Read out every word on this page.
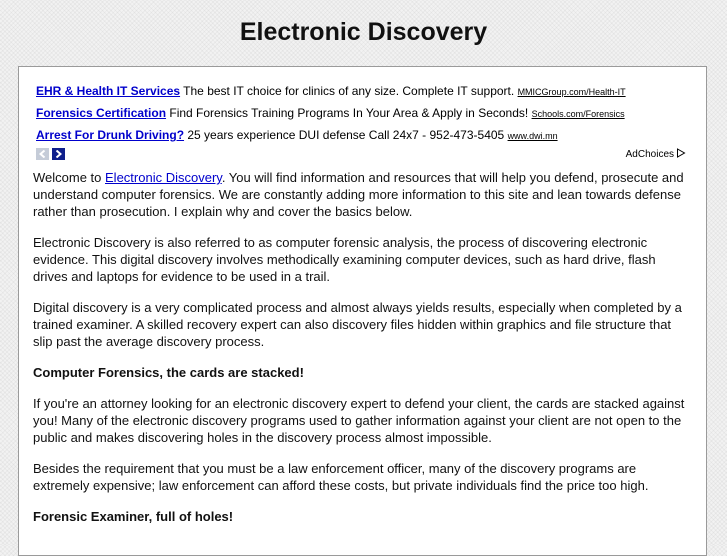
Electronic Discovery
EHR & Health IT Services The best IT choice for clinics of any size. Complete IT support. MMICGroup.com/Health-IT
Forensics Certification Find Forensics Training Programs In Your Area & Apply in Seconds! Schools.com/Forensics
Arrest For Drunk Driving? 25 years experience DUI defense Call 24x7 - 952-473-5405 www.dwi.mn
AdChoices

Welcome to Electronic Discovery. You will find information and resources that will help you defend, prosecute and understand computer forensics. We are constantly adding more information to this site and lean towards defense rather than prosecution. I explain why and cover the basics below.

Electronic Discovery is also referred to as computer forensic analysis, the process of discovering electronic evidence. This digital discovery involves methodically examining computer devices, such as hard drive, flash drives and laptops for evidence to be used in a trail.

Digital discovery is a very complicated process and almost always yields results, especially when completed by a trained examiner. A skilled recovery expert can also discovery files hidden within graphics and file structure that slip past the average discovery process.

Computer Forensics, the cards are stacked!

If you're an attorney looking for an electronic discovery expert to defend your client, the cards are stacked against you! Many of the electronic discovery programs used to gather information against your client are not open to the public and makes discovering holes in the discovery process almost impossible.

Besides the requirement that you must be a law enforcement officer, many of the discovery programs are extremely expensive; law enforcement can afford these costs, but private individuals find the price too high.

Forensic Examiner, full of holes!
